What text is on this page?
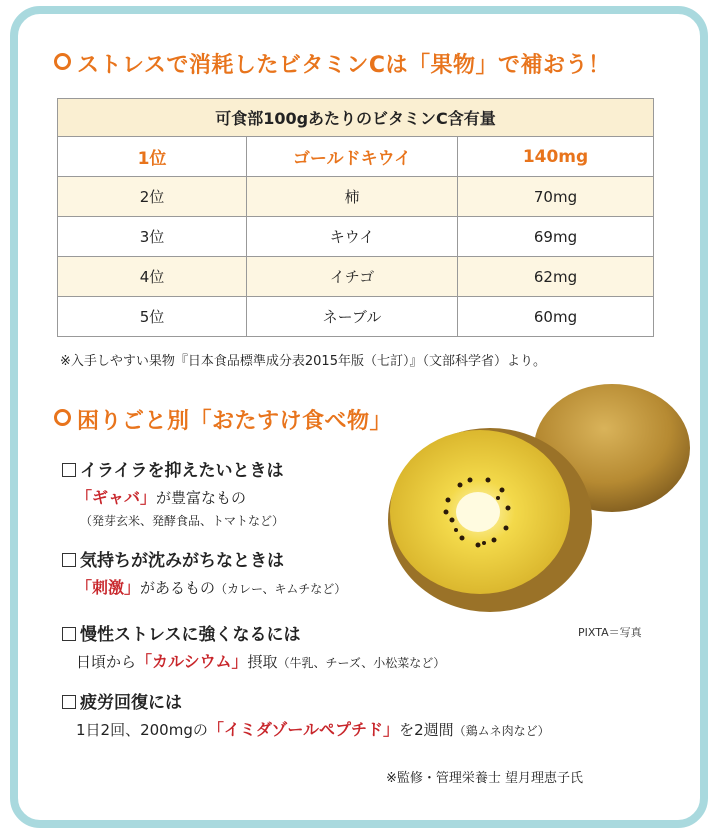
ストレスで消耗したビタミンCは「果物」で補おう！
可食部100gあたりのビタミンC含有量		
1位	ゴールドキウイ	140mg
2位	柿	70mg
3位	キウイ	69mg
4位	イチゴ	62mg
5位	ネーブル	60mg
※入手しやすい果物『日本食品標準成分表2015年版（七訂）』（文部科学省）より。
困りごと別「おたすけ食べ物」
イライラを抑えたいときは
「ギャバ」が豊富なもの
（発芽玄米、発酵食品、トマトなど）
気持ちが沈みがちなときは
「刺激」があるもの（カレー、キムチなど）
慢性ストレスに強くなるには
日頃から「カルシウム」摂取（牛乳、チーズ、小松菜など）
疲労回復には
1日2回、200mgの「イミダゾールペプチド」を2週間（鶏ムネ肉など）
PIXTA＝写真
※監修・管理栄養士 望月理恵子氏
